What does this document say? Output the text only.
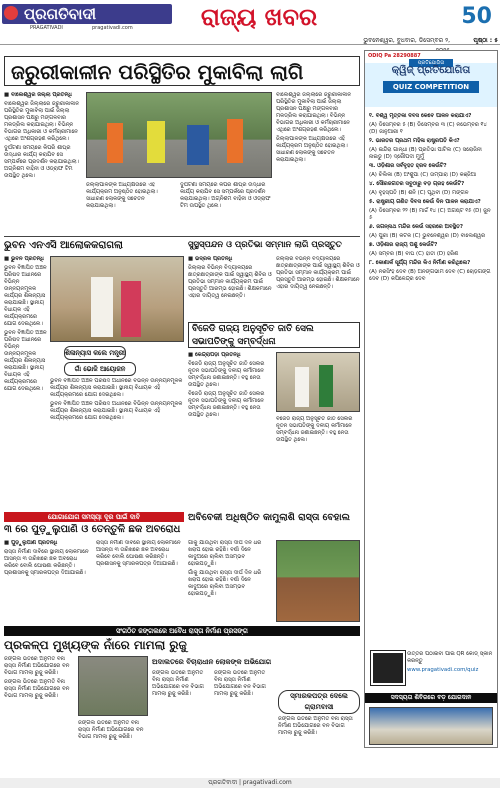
ପ୍ରଗତିବାଦୀ
PRAGATIVADI	pragativadi.com	ରାଜ୍ୟ ଖବର	50
ଭୁବନେଶ୍ୱର, ବୁଧବାର, ଡିସେମ୍ବର ୨,	ପୃଷ୍ଠା : ୫
ଜରୁରୀକାଳୀନ ପରିସ୍ଥିତିର ମୁକାବିଲା ଲାଗି

■ ବାଲେଶ୍ୱର ଜିଲ୍ଲା ପ୍ରତିନିଧି

ବାଲେଶ୍ୱର ଜିଲ୍ଲାରେ ଜରୁରୀକାଳୀନ ପରିସ୍ଥିତିର ମୁକାବିଲା ପାଇଁ ଜିଲ୍ଲା ପ୍ରଶାସନ ପକ୍ଷରୁ ମଙ୍ଗଳବାର ମକଡ୍ରିଲ କରାଯାଇଥିଲା। ବିଭିନ୍ନ ବିଭାଗର ଅଧିକାରୀ ଓ କର୍ମଚାରୀମାନେ ଏଥିରେ ଅଂଶଗ୍ରହଣ କରିଥିଲେ।

ଦୁର୍ଘଟଣା ସମୟରେ କିପରି ଶୀଘ୍ର ଉଦ୍ଧାର କାର୍ଯ୍ୟ କରାଯିବ ସେ ସମ୍ପର୍କରେ ପ୍ରଦର୍ଶନ କରାଯାଇଥିଲା। ଅଗ୍ନିଶମ ବାହିନୀ ଓ ଓଡ୍ରାଫ ଟିମ ଉପସ୍ଥିତ ଥିଲେ।

ଜିଲ୍ଲାପାଳଙ୍କ ଅଧ୍ୟକ୍ଷତାରେ ଏହି କାର୍ଯ୍ୟକ୍ରମ ଅନୁଷ୍ଠିତ ହୋଇଥିଲା। ସାଧାରଣ ଲୋକଙ୍କୁ ସଚେତନ କରାଯାଇଥିଲା।

ଦୁର୍ଘଟଣା ସମୟରେ କିପରି ଶୀଘ୍ର ଉଦ୍ଧାର କାର୍ଯ୍ୟ କରାଯିବ ସେ ସମ୍ପର୍କରେ ପ୍ରଦର୍ଶନ କରାଯାଇଥିଲା। ଅଗ୍ନିଶମ ବାହିନୀ ଓ ଓଡ୍ରାଫ ଟିମ ଉପସ୍ଥିତ ଥିଲେ।

ବାଲେଶ୍ୱର ଜିଲ୍ଲାରେ ଜରୁରୀକାଳୀନ ପରିସ୍ଥିତିର ମୁକାବିଲା ପାଇଁ ଜିଲ୍ଲା ପ୍ରଶାସନ ପକ୍ଷରୁ ମଙ୍ଗଳବାର ମକଡ୍ରିଲ କରାଯାଇଥିଲା। ବିଭିନ୍ନ ବିଭାଗର ଅଧିକାରୀ ଓ କର୍ମଚାରୀମାନେ ଏଥିରେ ଅଂଶଗ୍ରହଣ କରିଥିଲେ।

ଜିଲ୍ଲାପାଳଙ୍କ ଅଧ୍ୟକ୍ଷତାରେ ଏହି କାର୍ଯ୍ୟକ୍ରମ ଅନୁଷ୍ଠିତ ହୋଇଥିଲା। ସାଧାରଣ ଲୋକଙ୍କୁ ସଚେତନ କରାଯାଇଥିଲା।

ଭୁବନ ଏନଏସି ଆଲୋକକରାଗଲା

■ ଭୁବନ ପ୍ରତିନିଧି

ଭୁବନ ବିଜ୍ଞାପିତ ଅଞ୍ଚଳ ପରିଷଦ ଅଧୀନରେ ବିଭିନ୍ନ ଉନ୍ନୟନମୂଳକ କାର୍ଯ୍ୟର ଶିଳାନ୍ୟାସ କରାଯାଇଛି। ସ୍ଥାନୀୟ ବିଧାୟକ ଏହି କାର୍ଯ୍ୟକ୍ରମରେ ଯୋଗ ଦେଇଥିଲେ।

ଭୁବନ ବିଜ୍ଞାପିତ ଅଞ୍ଚଳ ପରିଷଦ ଅଧୀନରେ ବିଭିନ୍ନ ଉନ୍ନୟନମୂଳକ କାର୍ଯ୍ୟର ଶିଳାନ୍ୟାସ କରାଯାଇଛି। ସ୍ଥାନୀୟ ବିଧାୟକ ଏହି କାର୍ଯ୍ୟକ୍ରମରେ ଯୋଗ ଦେଇଥିଲେ।

ଶିଳାନ୍ୟାସ କଲେ ମନ୍ତ୍ରୀ
ଗାଁ ଭୋଜି ଆୟୋଜନ

ଭୁବନ ବିଜ୍ଞାପିତ ଅଞ୍ଚଳ ପରିଷଦ ଅଧୀନରେ ବିଭିନ୍ନ ଉନ୍ନୟନମୂଳକ କାର୍ଯ୍ୟର ଶିଳାନ୍ୟାସ କରାଯାଇଛି। ସ୍ଥାନୀୟ ବିଧାୟକ ଏହି କାର୍ଯ୍ୟକ୍ରମରେ ଯୋଗ ଦେଇଥିଲେ।

ଭୁବନ ବିଜ୍ଞାପିତ ଅଞ୍ଚଳ ପରିଷଦ ଅଧୀନରେ ବିଭିନ୍ନ ଉନ୍ନୟନମୂଳକ କାର୍ଯ୍ୟର ଶିଳାନ୍ୟାସ କରାଯାଇଛି। ସ୍ଥାନୀୟ ବିଧାୟକ ଏହି କାର୍ଯ୍ୟକ୍ରମରେ ଯୋଗ ଦେଇଥିଲେ।

ସୁସ୍ଥସ୍ପନ୍ଦନ ଓ ପ୍ରତିଭା ସମ୍ମାନ ଲାଗି ପ୍ରସ୍ତୁତ

■ ଭଦ୍ରକ ପ୍ରତିନିଧି

ଜିଲ୍ଲାର ବିଭିନ୍ନ ବିଦ୍ୟାଳୟରେ ଛାତ୍ରଛାତ୍ରୀଙ୍କ ପାଇଁ ସ୍ୱାସ୍ଥ୍ୟ ଶିବିର ଓ ପ୍ରତିଭା ସମ୍ମାନ କାର୍ଯ୍ୟକ୍ରମ ପାଇଁ ପ୍ରସ୍ତୁତି ଆରମ୍ଭ ହୋଇଛି। ଶିକ୍ଷକମାନେ ଏହାର ଦାୟିତ୍ୱ ନେଇଛନ୍ତି।

ଜିଲ୍ଲାର ବିଭିନ୍ନ ବିଦ୍ୟାଳୟରେ ଛାତ୍ରଛାତ୍ରୀଙ୍କ ପାଇଁ ସ୍ୱାସ୍ଥ୍ୟ ଶିବିର ଓ ପ୍ରତିଭା ସମ୍ମାନ କାର୍ଯ୍ୟକ୍ରମ ପାଇଁ ପ୍ରସ୍ତୁତି ଆରମ୍ଭ ହୋଇଛି। ଶିକ୍ଷକମାନେ ଏହାର ଦାୟିତ୍ୱ ନେଇଛନ୍ତି।

ବିଜେଡି ରାଜ୍ୟ ଅନୁସୂଚିତ ଜାତି ସେଲ ସଭାପତିଙ୍କୁ ସମ୍ବର୍ଦ୍ଧନା

■ କେନ୍ଦ୍ରାପଡ଼ା ପ୍ରତିନିଧି

ବିଜେଡି ରାଜ୍ୟ ଅନୁସୂଚିତ ଜାତି ସେଲର ନୂତନ ସଭାପତିଙ୍କୁ ଦଳୀୟ କର୍ମୀମାନେ ସମ୍ବର୍ଦ୍ଧନା ଜଣାଇଛନ୍ତି। ବହୁ ନେତା ଉପସ୍ଥିତ ଥିଲେ।

ବିଜେଡି ରାଜ୍ୟ ଅନୁସୂଚିତ ଜାତି ସେଲର ନୂତନ ସଭାପତିଙ୍କୁ ଦଳୀୟ କର୍ମୀମାନେ ସମ୍ବର୍ଦ୍ଧନା ଜଣାଇଛନ୍ତି। ବହୁ ନେତା ଉପସ୍ଥିତ ଥିଲେ।

ବିଜେଡି ରାଜ୍ୟ ଅନୁସୂଚିତ ଜାତି ସେଲର ନୂତନ ସଭାପତିଙ୍କୁ ଦଳୀୟ କର୍ମୀମାନେ ସମ୍ବର୍ଦ୍ଧନା ଜଣାଇଛନ୍ତି। ବହୁ ନେତା ଉପସ୍ଥିତ ଥିଲେ।

ଯୋଗାଯୋଗ ସମସ୍ୟା ଦୂର ପାଇଁ ଦାବି
୩ ରେ ପୁଡ଼ୁଲୁପାଣି ଓ ତେନ୍ତୁଳି ଛକ ଅବରୋଧ

■ ପୁଡ଼ୁଲୁପାଣି ପ୍ରତିନିଧି

ରାସ୍ତା ନିର୍ମାଣ ଦାବିରେ ସ୍ଥାନୀୟ ଲୋକମାନେ ଆସନ୍ତା ୩ ତାରିଖରେ ଛକ ଅବରୋଧ କରିବେ ବୋଲି ଘୋଷଣା କରିଛନ୍ତି। ପ୍ରଶାସନକୁ ସ୍ମାରକପତ୍ର ଦିଆଯାଇଛି।

ରାସ୍ତା ନିର୍ମାଣ ଦାବିରେ ସ୍ଥାନୀୟ ଲୋକମାନେ ଆସନ୍ତା ୩ ତାରିଖରେ ଛକ ଅବରୋଧ କରିବେ ବୋଲି ଘୋଷଣା କରିଛନ୍ତି। ପ୍ରଶାସନକୁ ସ୍ମାରକପତ୍ର ଦିଆଯାଇଛି।

ଅବିବେକୀ ଅଧିଷ୍ଠିତ କାମୁଲାଶି ରାସ୍ତା ବେହାଲ

ଗାଁକୁ ଯାଉଥିବା ରାସ୍ତା ଦୀର୍ଘ ଦିନ ଧରି ଖରାପ ହୋଇ ରହିଛି। ବର୍ଷା ଦିନେ କାଦୁଅରେ ଚାଲିବା ଅସମ୍ଭବ ହୋଇପଡ଼ୁଛି।

ଗାଁକୁ ଯାଉଥିବା ରାସ୍ତା ଦୀର୍ଘ ଦିନ ଧରି ଖରାପ ହୋଇ ରହିଛି। ବର୍ଷା ଦିନେ କାଦୁଅରେ ଚାଲିବା ଅସମ୍ଭବ ହୋଇପଡ଼ୁଛି।

ସଂଗଠିତ ଜଙ୍ଗଲରେ ଅବୈଧ ରାସ୍ତା ନିର୍ମାଣ ପ୍ରସଙ୍ଗ
ପ୍ରକଳ୍ପ ମୁଖ୍ୟଙ୍କ ନାଁରେ ମାମଲା ରୁଜୁ

ଜଙ୍ଗଲ ଭିତରେ ଅନୁମତି ବିନା ରାସ୍ତା ନିର୍ମାଣ ଅଭିଯୋଗରେ ବନ ବିଭାଗ ମାମଲା ରୁଜୁ କରିଛି।

ଜଙ୍ଗଲ ଭିତରେ ଅନୁମତି ବିନା ରାସ୍ତା ନିର୍ମାଣ ଅଭିଯୋଗରେ ବନ ବିଭାଗ ମାମଲା ରୁଜୁ କରିଛି।

ଜଙ୍ଗଲ ଭିତରେ ଅନୁମତି ବିନା ରାସ୍ତା ନିର୍ମାଣ ଅଭିଯୋଗରେ ବନ ବିଭାଗ ମାମଲା ରୁଜୁ କରିଛି।

ଅଦାଲତରେ ବିଚାରାଧୀନ ଲୋକଙ୍କ ଅଭିଯୋଗ

ଜଙ୍ଗଲ ଭିତରେ ଅନୁମତି ବିନା ରାସ୍ତା ନିର୍ମାଣ ଅଭିଯୋଗରେ ବନ ବିଭାଗ ମାମଲା ରୁଜୁ କରିଛି।

ଜଙ୍ଗଲ ଭିତରେ ଅନୁମତି ବିନା ରାସ୍ତା ନିର୍ମାଣ ଅଭିଯୋଗରେ ବନ ବିଭାଗ ମାମଲା ରୁଜୁ କରିଛି।	ସ୍ମାରକପତ୍ର ଦେଲେ ଗ୍ରାମବାସୀ

ଜଙ୍ଗଲ ଭିତରେ ଅନୁମତି ବିନା ରାସ୍ତା ନିର୍ମାଣ ଅଭିଯୋଗରେ ବନ ବିଭାଗ ମାମଲା ରୁଜୁ କରିଛି।

ODIQ Pa 28290887
ପ୍ରତିଯୋଗିତା
କ୍ୱିଜ୍ ପ୍ରତିଯୋଗିତା
QUIZ COMPETITION

୧. ବିଶ୍ୱ ମୃତ୍ତିକା ଦିବସ କେବେ ପାଳନ କରାଯାଏ?

(A) ଡିସେମ୍ବର ୫ (B) ଡିସେମ୍ବର ୩ (C) ନଭେମ୍ବର ୧୪ (D) ଜାନୁଆରୀ ୧

୨. ଭାରତର ପ୍ରଥମ ମହିଳା ରାଷ୍ଟ୍ରପତି କିଏ?

(A) ଇନ୍ଦିରା ଗାନ୍ଧୀ (B) ପ୍ରତିଭା ପାଟିଲ (C) ସରୋଜିନୀ ନାଇଡୁ (D) ଦ୍ରୌପଦୀ ମୁର୍ମୁ

୩. ଓଡ଼ିଶାର ସର୍ବବୃହତ ହ୍ରଦ କେଉଁଟି?

(A) ଚିଲିକା (B) ଅଂଶୁପା (C) ତାମ୍ପାରା (D) କଞ୍ଜିଆ

୪. ସୌରଜଗତର ସବୁଠାରୁ ବଡ଼ ଗ୍ରହ କେଉଁଟି?

(A) ବୃହସ୍ପତି (B) ଶନି (C) ପୃଥିବୀ (D) ମଙ୍ଗଳ

୫. ରାଷ୍ଟ୍ରୀୟ ଗଣିତ ଦିବସ କେଉଁ ଦିନ ପାଳନ କରାଯାଏ?

(A) ଡିସେମ୍ବର ୨୨ (B) ମାର୍ଚ୍ଚ ୧୪ (C) ଅଗଷ୍ଟ ୧୫ (D) ଜୁନ ୫

୬. ଜଗନ୍ନାଥ ମନ୍ଦିର କେଉଁ ସହରରେ ଅବସ୍ଥିତ?

(A) ପୁରୀ (B) କଟକ (C) ଭୁବନେଶ୍ୱର (D) ବାଲେଶ୍ୱର

୭. ଓଡ଼ିଶାର ରାଜ୍ୟ ପଶୁ କେଉଁଟି?

(A) ସମ୍ବର (B) ବାଘ (C) ହାତୀ (D) ହରିଣ

୮. କୋଣାର୍କ ସୂର୍ଯ୍ୟ ମନ୍ଦିର କିଏ ନିର୍ମାଣ କରିଥିଲେ?

(A) ନରସିଂହ ଦେବ (B) ଅନଙ୍ଗଭୀମ ଦେବ (C) ଚୋଡ଼ଗଙ୍ଗ ଦେବ (D) କପିଳେନ୍ଦ୍ର ଦେବ

ଉତ୍ତର ପଠାଇବା ପାଇଁ QR କୋଡ୍ ସ୍କାନ କରନ୍ତୁ

www.pragativadi.com/quiz

ସଦସ୍ୟତା ଶିବିରରେ ବଡ଼ ଯୋଗଦାନ
ପ୍ରଗତିବାଦୀ | pragativadi.com
